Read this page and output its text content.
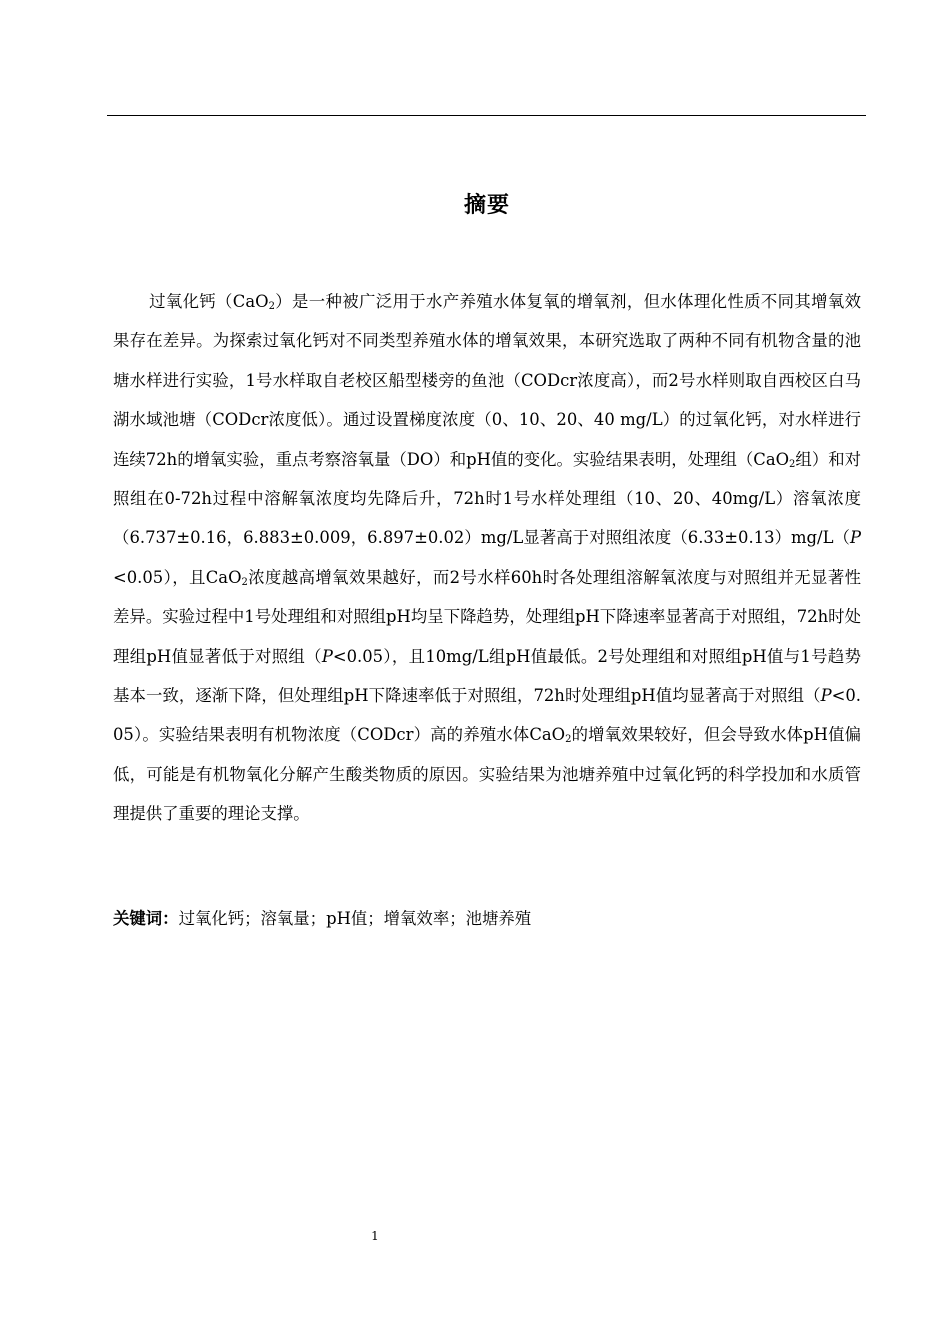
摘要

过氧化钙（CaO$_2$）是一种被广泛用于水产养殖水体复氧的增氧剂，但水体理化性质不同其增氧效果存在差异。为探索过氧化钙对不同类型养殖水体的增氧效果，本研究选取了两种不同有机物含量的池塘水样进行实验，1号水样取自老校区船型楼旁的鱼池（CODcr浓度高），而2号水样则取自西校区白马湖水域池塘（CODcr浓度低）。通过设置梯度浓度（0、10、20、40 mg/L）的过氧化钙，对水样进行连续72h的增氧实验，重点考察溶氧量（DO）和pH值的变化。实验结果表明，处理组（CaO$_2$组）和对照组在0-72h过程中溶解氧浓度均先降后升，72h时1号水样处理组（10、20、40mg/L）溶氧浓度（6.737±0.16，6.883±0.009，6.897±0.02）mg/L显著高于对照组浓度（6.33±0.13）mg/L（P<0.05），且CaO$_2$浓度越高增氧效果越好，而2号水样60h时各处理组溶解氧浓度与对照组并无显著性差异。实验过程中1号处理组和对照组pH均呈下降趋势，处理组pH下降速率显著高于对照组，72h时处理组pH值显著低于对照组（P<0.05），且10mg/L组pH值最低。2号处理组和对照组pH值与1号趋势基本一致，逐渐下降，但处理组pH下降速率低于对照组，72h时处理组pH值均显著高于对照组（P<0.05）。实验结果表明有机物浓度（CODcr）高的养殖水体CaO$_2$的增氧效果较好，但会导致水体pH值偏低，可能是有机物氧化分解产生酸类物质的原因。实验结果为池塘养殖中过氧化钙的科学投加和水质管理提供了重要的理论支撑。

关键词：过氧化钙；溶氧量；pH值；增氧效率；池塘养殖

1
